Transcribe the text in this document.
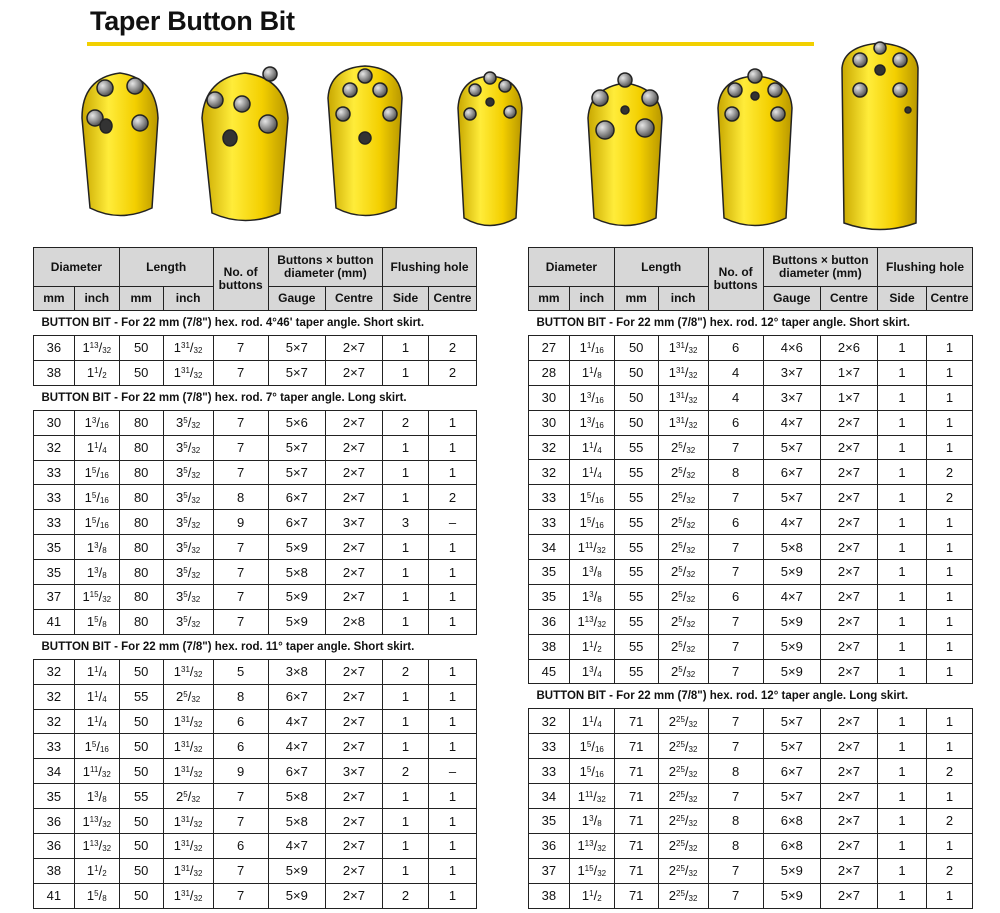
Taper Button Bit
Diameter		Length		No. of buttons	Buttons × button diameter (mm)		Flushing hole	
mm	inch	mm	inch		Gauge	Centre	Side	Centre
BUTTON BIT - For 22 mm (7/8") hex. rod. 4°46' taper angle. Short skirt.								
36	$1^{13}/_{32}$	50	$1^{31}/_{32}$	7	5×7	2×7	1	2
38	$1^1/_2$	50	$1^{31}/_{32}$	7	5×7	2×7	1	2
BUTTON BIT - For 22 mm (7/8") hex. rod. 7° taper angle. Long skirt.								
30	$1^3/_{16}$	80	$3^5/_{32}$	7	5×6	2×7	2	1
32	$1^1/_4$	80	$3^5/_{32}$	7	5×7	2×7	1	1
33	$1^5/_{16}$	80	$3^5/_{32}$	7	5×7	2×7	1	1
33	$1^5/_{16}$	80	$3^5/_{32}$	8	6×7	2×7	1	2
33	$1^5/_{16}$	80	$3^5/_{32}$	9	6×7	3×7	3	–
35	$1^3/_8$	80	$3^5/_{32}$	7	5×9	2×7	1	1
35	$1^3/_8$	80	$3^5/_{32}$	7	5×8	2×7	1	1
37	$1^{15}/_{32}$	80	$3^5/_{32}$	7	5×9	2×7	1	1
41	$1^5/_8$	80	$3^5/_{32}$	7	5×9	2×8	1	1
BUTTON BIT - For 22 mm (7/8") hex. rod. 11° taper angle. Short skirt.								
32	$1^1/_4$	50	$1^{31}/_{32}$	5	3×8	2×7	2	1
32	$1^1/_4$	55	$2^5/_{32}$	8	6×7	2×7	1	1
32	$1^1/_4$	50	$1^{31}/_{32}$	6	4×7	2×7	1	1
33	$1^5/_{16}$	50	$1^{31}/_{32}$	6	4×7	2×7	1	1
34	$1^{11}/_{32}$	50	$1^{31}/_{32}$	9	6×7	3×7	2	–
35	$1^3/_8$	55	$2^5/_{32}$	7	5×8	2×7	1	1
36	$1^{13}/_{32}$	50	$1^{31}/_{32}$	7	5×8	2×7	1	1
36	$1^{13}/_{32}$	50	$1^{31}/_{32}$	6	4×7	2×7	1	1
38	$1^1/_2$	50	$1^{31}/_{32}$	7	5×9	2×7	1	1
41	$1^5/_8$	50	$1^{31}/_{32}$	7	5×9	2×7	2	1
Diameter		Length		No. of buttons	Buttons × button diameter (mm)		Flushing hole	
mm	inch	mm	inch		Gauge	Centre	Side	Centre
BUTTON BIT - For 22 mm (7/8") hex. rod. 12° taper angle. Short skirt.								
27	$1^1/_{16}$	50	$1^{31}/_{32}$	6	4×6	2×6	1	1
28	$1^1/_8$	50	$1^{31}/_{32}$	4	3×7	1×7	1	1
30	$1^3/_{16}$	50	$1^{31}/_{32}$	4	3×7	1×7	1	1
30	$1^3/_{16}$	50	$1^{31}/_{32}$	6	4×7	2×7	1	1
32	$1^1/_4$	55	$2^5/_{32}$	7	5×7	2×7	1	1
32	$1^1/_4$	55	$2^5/_{32}$	8	6×7	2×7	1	2
33	$1^5/_{16}$	55	$2^5/_{32}$	7	5×7	2×7	1	2
33	$1^5/_{16}$	55	$2^5/_{32}$	6	4×7	2×7	1	1
34	$1^{11}/_{32}$	55	$2^5/_{32}$	7	5×8	2×7	1	1
35	$1^3/_8$	55	$2^5/_{32}$	7	5×9	2×7	1	1
35	$1^3/_8$	55	$2^5/_{32}$	6	4×7	2×7	1	1
36	$1^{13}/_{32}$	55	$2^5/_{32}$	7	5×9	2×7	1	1
38	$1^1/_2$	55	$2^5/_{32}$	7	5×9	2×7	1	1
45	$1^3/_4$	55	$2^5/_{32}$	7	5×9	2×7	1	1
BUTTON BIT - For 22 mm (7/8") hex. rod. 12° taper angle. Long skirt.								
32	$1^1/_4$	71	$2^{25}/_{32}$	7	5×7	2×7	1	1
33	$1^5/_{16}$	71	$2^{25}/_{32}$	7	5×7	2×7	1	1
33	$1^5/_{16}$	71	$2^{25}/_{32}$	8	6×7	2×7	1	2
34	$1^{11}/_{32}$	71	$2^{25}/_{32}$	7	5×7	2×7	1	1
35	$1^3/_8$	71	$2^{25}/_{32}$	8	6×8	2×7	1	2
36	$1^{13}/_{32}$	71	$2^{25}/_{32}$	8	6×8	2×7	1	1
37	$1^{15}/_{32}$	71	$2^{25}/_{32}$	7	5×9	2×7	1	2
38	$1^1/_2$	71	$2^{25}/_{32}$	7	5×9	2×7	1	1
